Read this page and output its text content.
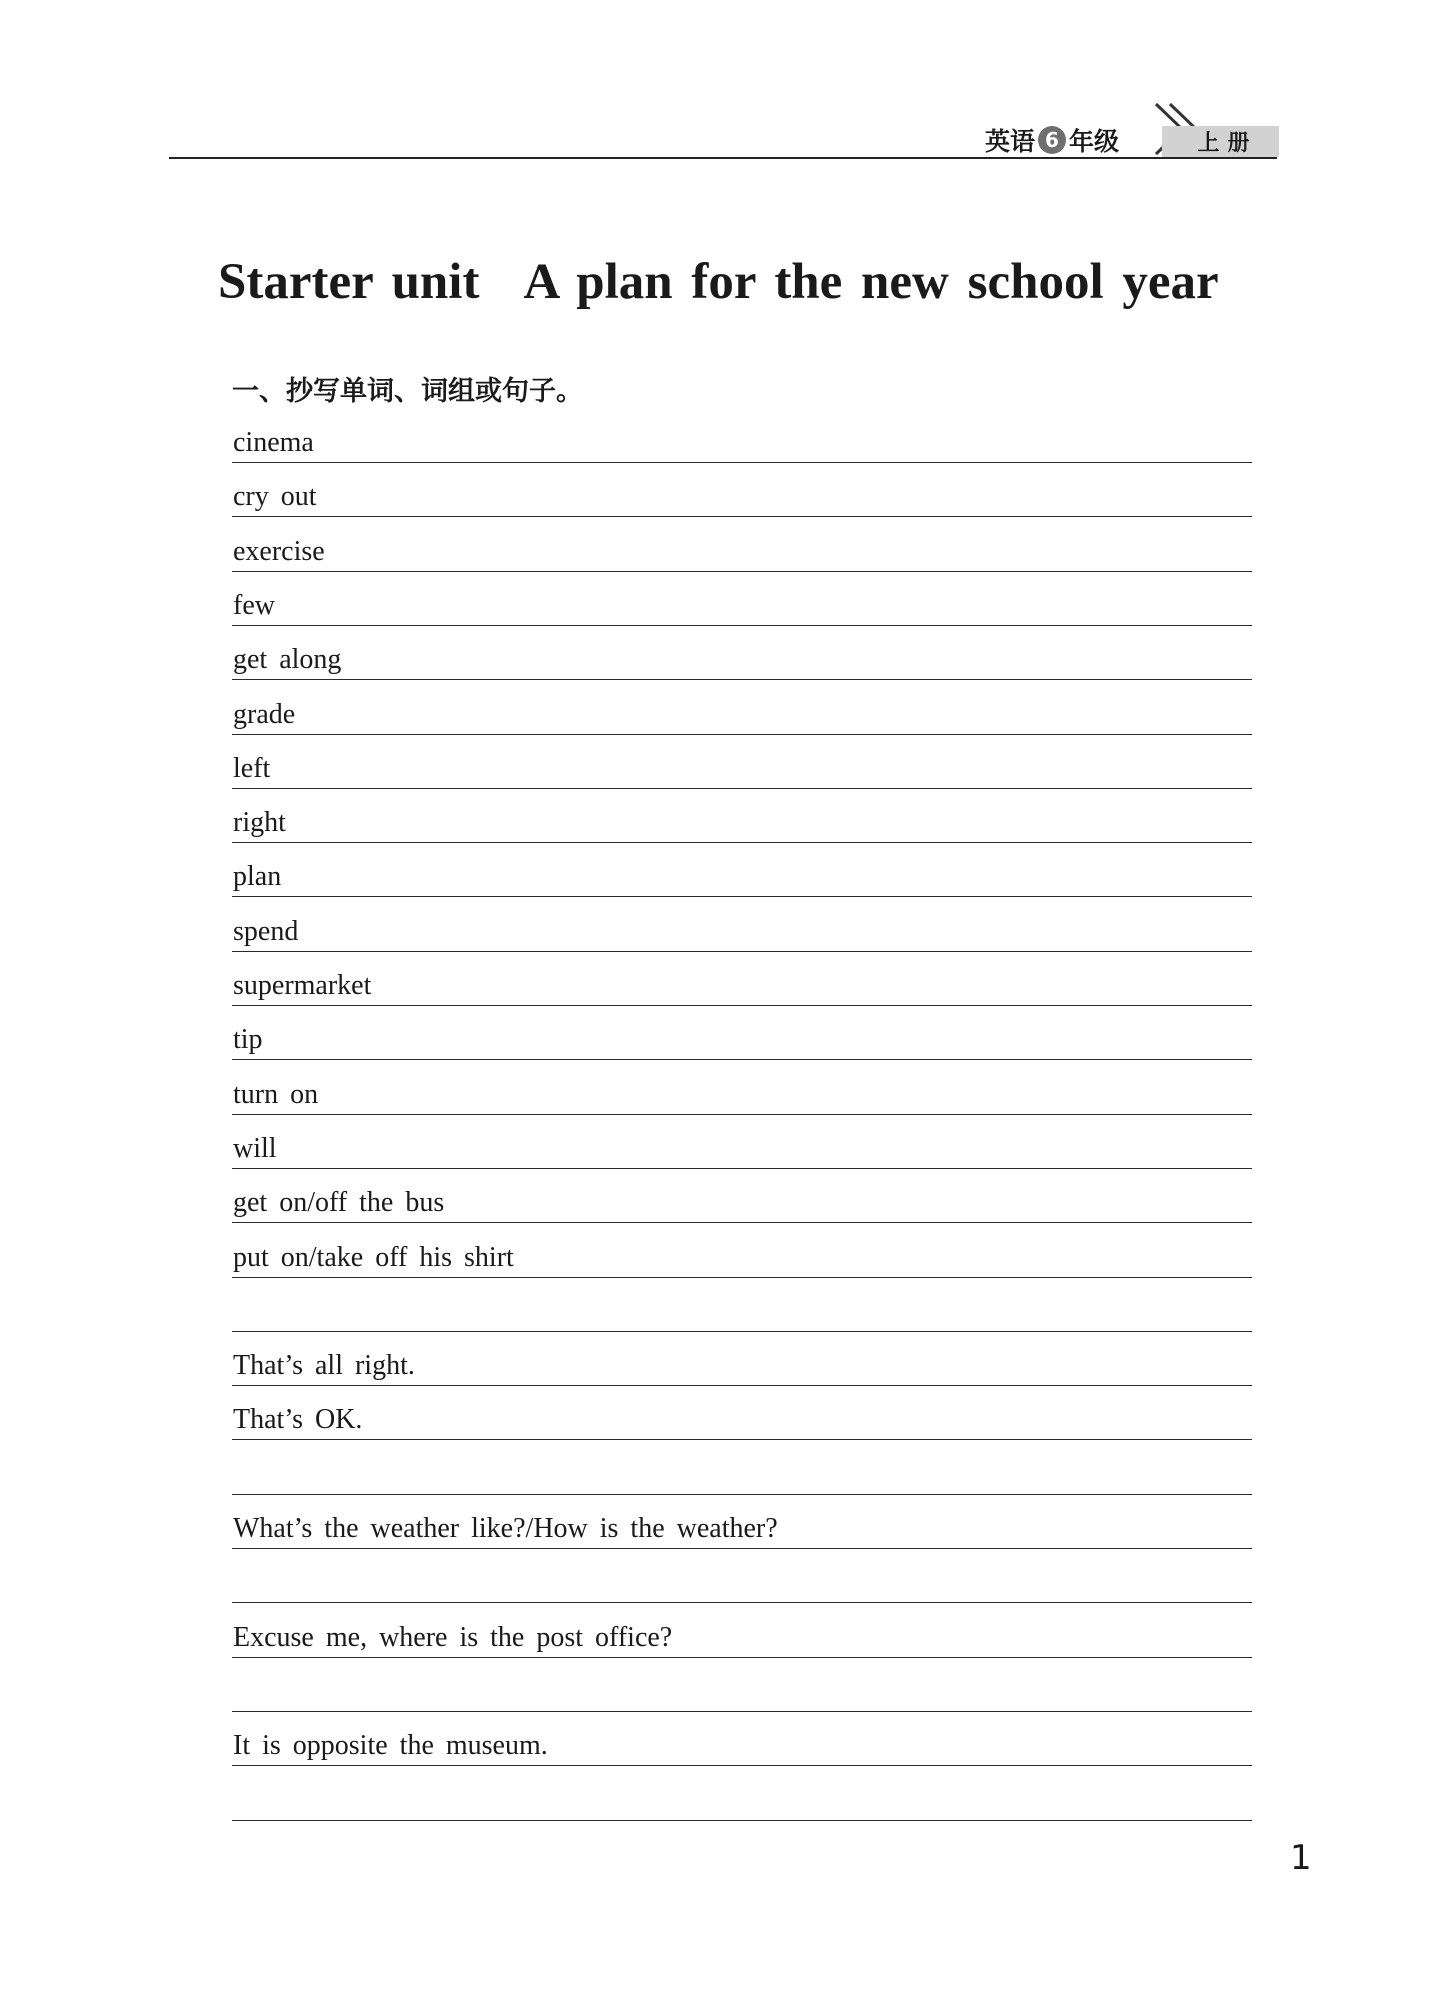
英语 6 年级	上册
Starter unit A plan for the new school year
一、抄写单词、词组或句子。
cinema
cry out
exercise
few
get along
grade
left
right
plan
spend
supermarket
tip
turn on
will
get on/off the bus
put on/take off his shirt
That’s all right.
That’s OK.
What’s the weather like?/How is the weather?
Excuse me, where is the post office?
It is opposite the museum.
1
